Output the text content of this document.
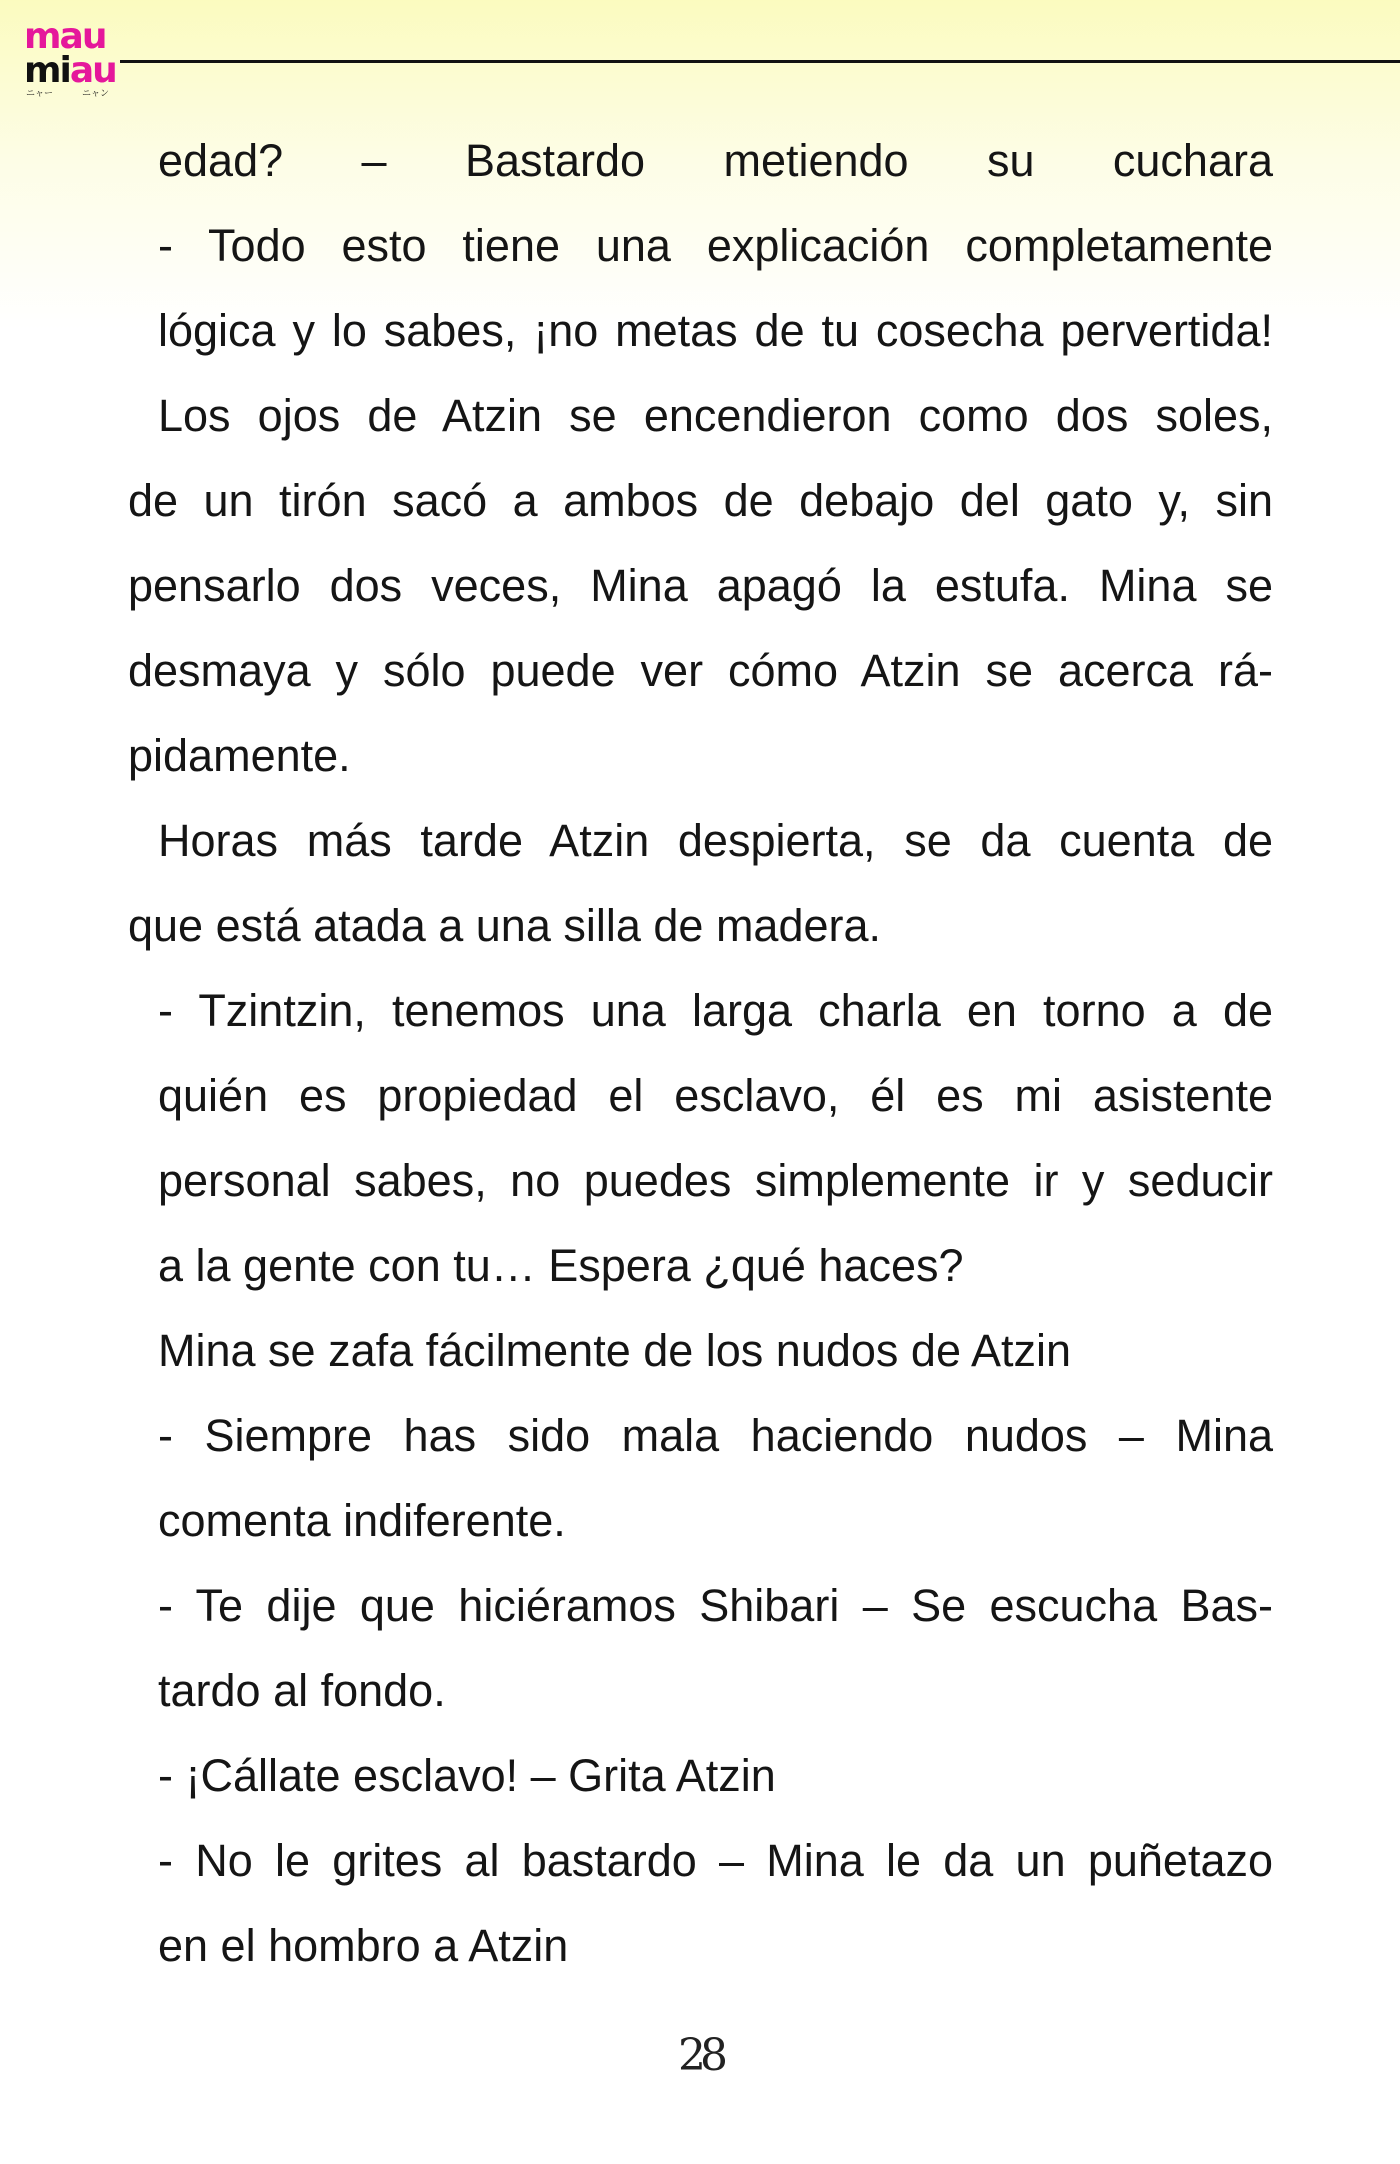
mau
miau
ニャー	ニャン

edad? – Bastardo metiendo su cuchara

- Todo esto tiene una explicación completamente

lógica y lo sabes, ¡no metas de tu cosecha pervertida!

Los ojos de Atzin se encendieron como dos soles,

de un tirón sacó a ambos de debajo del gato y, sin

pensarlo dos veces, Mina apagó la estufa. Mina se

desmaya y sólo puede ver cómo Atzin se acerca rá-

pidamente.

Horas más tarde Atzin despierta, se da cuenta de

que está atada a una silla de madera.

- Tzintzin, tenemos una larga charla en torno a de

quién es propiedad el esclavo, él es mi asistente

personal sabes, no puedes simplemente ir y seducir

a la gente con tu… Espera ¿qué haces?

Mina se zafa fácilmente de los nudos de Atzin

- Siempre has sido mala haciendo nudos – Mina

comenta indiferente.

- Te dije que hiciéramos Shibari – Se escucha Bas-

tardo al fondo.

- ¡Cállate esclavo! – Grita Atzin

- No le grites al bastardo – Mina le da un puñetazo

en el hombro a Atzin

28
